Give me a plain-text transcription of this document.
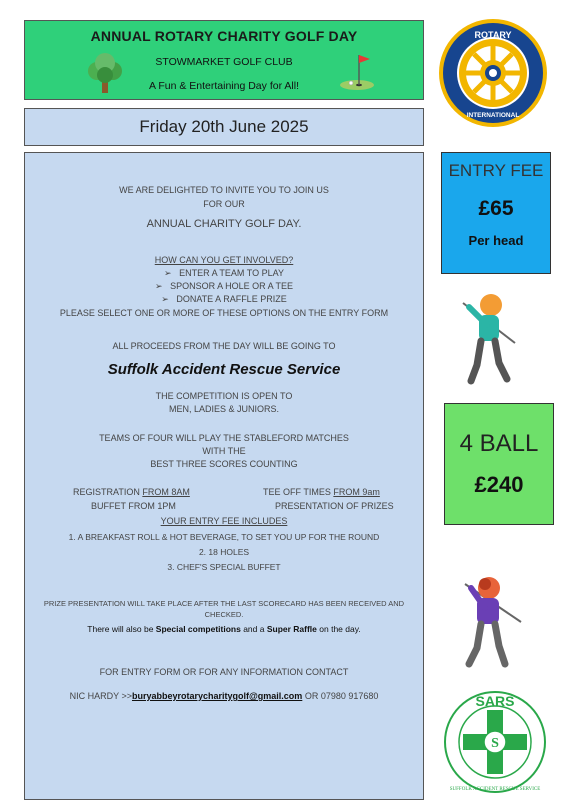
ANNUAL ROTARY CHARITY GOLF DAY
STOWMARKET GOLF CLUB
A Fun & Entertaining Day for All!
ROTARY
INTERNATIONAL
Friday 20th June 2025
WE ARE DELIGHTED TO INVITE YOU TO JOIN US
FOR OUR
ANNUAL CHARITY GOLF DAY.
HOW CAN YOU GET INVOLVED?
➢   ENTER A TEAM TO PLAY
➢   SPONSOR A HOLE OR A TEE
➢   DONATE A RAFFLE PRIZE
PLEASE SELECT ONE OR MORE OF THESE OPTIONS ON THE ENTRY FORM
ALL PROCEEDS FROM THE DAY WILL BE GOING TO
Suffolk Accident Rescue Service
THE COMPETITION IS OPEN TO
MEN, LADIES & JUNIORS.
TEAMS OF FOUR WILL PLAY THE STABLEFORD MATCHES
WITH THE
BEST THREE SCORES COUNTING
REGISTRATION FROM 8AM	TEE OFF TIMES FROM 9am
BUFFET FROM 1PM	PRESENTATION OF PRIZES
YOUR ENTRY FEE INCLUDES
1. A BREAKFAST ROLL & HOT BEVERAGE, TO SET YOU UP FOR THE ROUND
2. 18 HOLES
3. CHEF'S SPECIAL BUFFET
PRIZE PRESENTATION WILL TAKE PLACE AFTER THE LAST SCORECARD HAS BEEN RECEIVED AND
CHECKED.
There will also be Special competitions and a Super Raffle on the day.
FOR ENTRY FORM OR FOR ANY INFORMATION CONTACT
NIC HARDY >>buryabbeyrotarycharitygolf@gmail.com OR 07980 917680
ENTRY FEE
£65
Per head
4 BALL
£240
S
SARS
SUFFOLK ACCIDENT RESCUE SERVICE
